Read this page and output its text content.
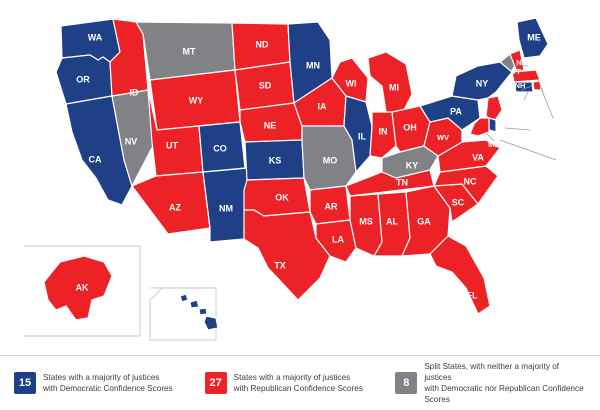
WA
OR
CA
NV
ID
MT
WY
UT
AZ	NM
CO
ND
SD
NE
KS
OK
TX
MN
IA
MO
AR
LA
WI
IL
MI
IN OH
KY
TN
MS AL GA
FL
SC
NC
VA
WV
PA
NY
ME
VT
NH
MA
RI
CT
NJ
DE
MD
AK
HI
15	States with a majority of justices
with Democratic Confidence Scores	27	States with a majority of justices
with Republican Confidence Scores	8
Split States, with neither a majority of justices
with Democratic nor Republican Confidence Scores
